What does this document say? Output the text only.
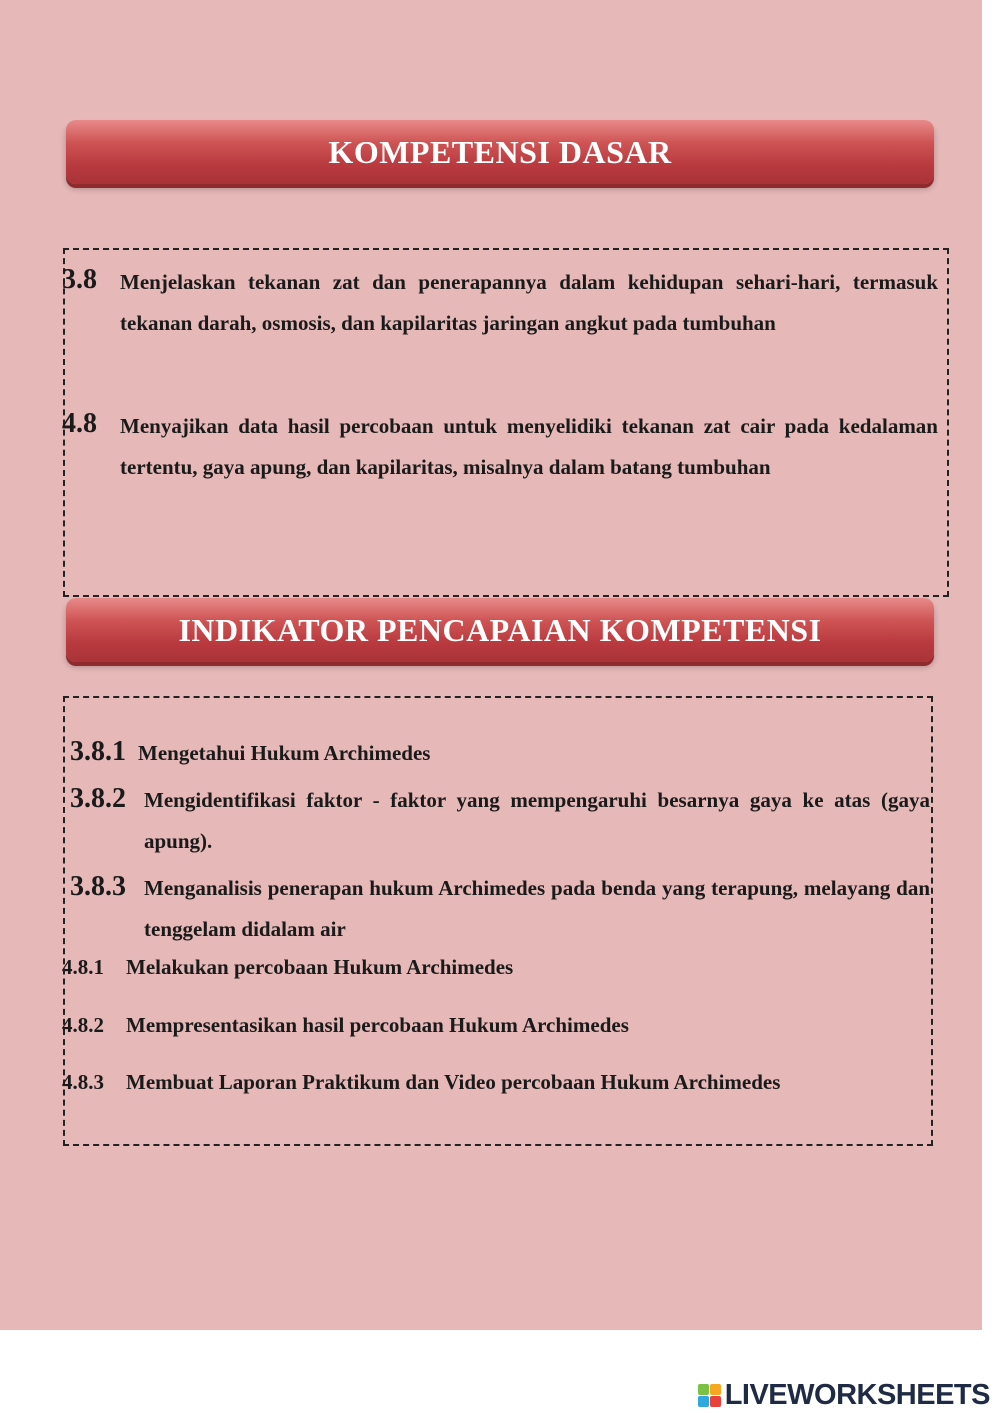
KOMPETENSI DASAR
3.8	Menjelaskan tekanan zat dan penerapannya dalam kehidupan sehari-hari, termasuk tekanan darah, osmosis, dan kapilaritas jaringan angkut pada tumbuhan
4.8	Menyajikan data hasil percobaan untuk menyelidiki tekanan zat cair pada kedalaman tertentu, gaya apung, dan kapilaritas, misalnya dalam batang tumbuhan
INDIKATOR PENCAPAIAN KOMPETENSI
3.8.1 Mengetahui Hukum Archimedes
3.8.2 Mengidentifikasi faktor - faktor yang mempengaruhi besarnya gaya ke atas (gaya apung).
3.8.3 Menganalisis penerapan hukum Archimedes pada benda yang terapung, melayang dan tenggelam didalam air
4.8.1	Melakukan percobaan Hukum Archimedes
4.8.2	Mempresentasikan hasil percobaan Hukum Archimedes
4.8.3	Membuat Laporan Praktikum dan Video percobaan Hukum Archimedes
LIVEWORKSHEETS
